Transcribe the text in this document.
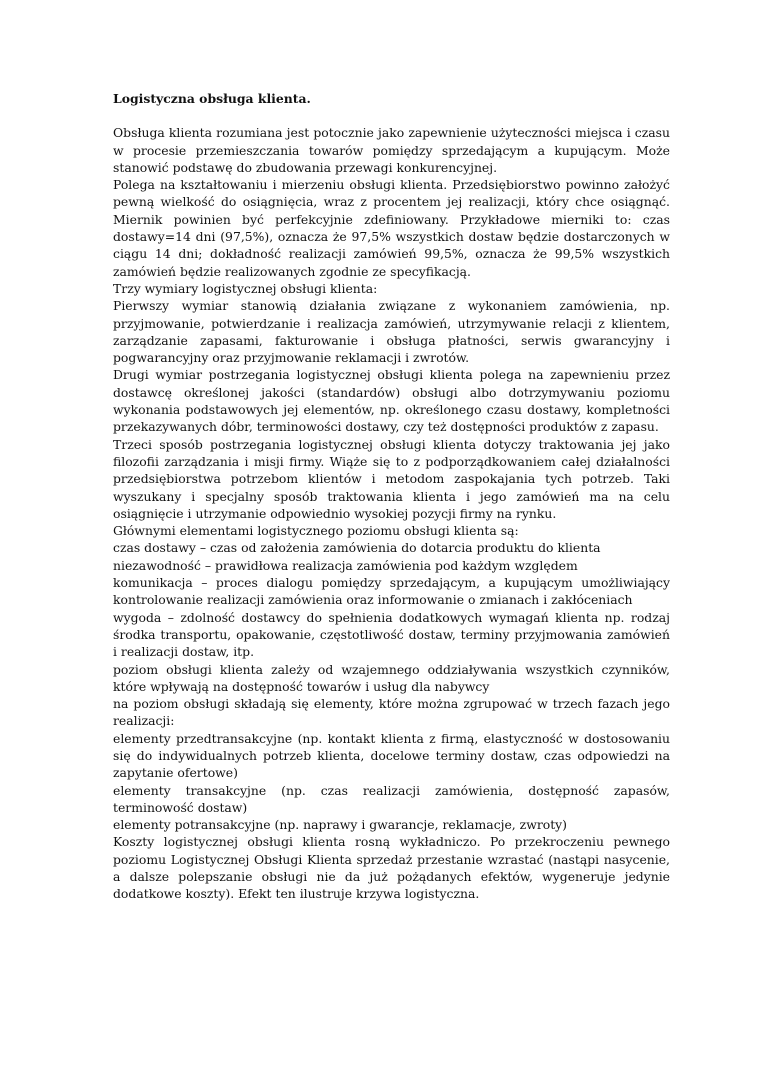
Logistyczna obsługa klienta.

Obsługa klienta rozumiana jest potocznie jako zapewnienie użyteczności miejsca i czasu w procesie przemieszczania towarów pomiędzy sprzedającym a kupującym. Może stanowić podstawę do zbudowania przewagi konkurencyjnej.

Polega na kształtowaniu i mierzeniu obsługi klienta. Przedsiębiorstwo powinno założyć pewną wielkość do osiągnięcia, wraz z procentem jej realizacji, który chce osiągnąć. Miernik powinien być perfekcyjnie zdefiniowany. Przykładowe mierniki to: czas dostawy=14 dni (97,5%), oznacza że 97,5% wszystkich dostaw będzie dostarczonych w ciągu 14 dni; dokładność realizacji zamówień 99,5%, oznacza że 99,5% wszystkich zamówień będzie realizowanych zgodnie ze specyfikacją.

Trzy wymiary logistycznej obsługi klienta:

Pierwszy wymiar stanowią działania związane z wykonaniem zamówienia, np. przyjmowanie, potwierdzanie i realizacja zamówień, utrzymywanie relacji z klientem, zarządzanie zapasami, fakturowanie i obsługa płatności, serwis gwarancyjny i pogwarancyjny oraz przyjmowanie reklamacji i zwrotów.

Drugi wymiar postrzegania logistycznej obsługi klienta polega na zapewnieniu przez dostawcę określonej jakości (standardów) obsługi albo dotrzymywaniu poziomu wykonania podstawowych jej elementów, np. określonego czasu dostawy, kompletności przekazywanych dóbr, terminowości dostawy, czy też dostępności produktów z zapasu.

Trzeci sposób postrzegania logistycznej obsługi klienta dotyczy traktowania jej jako filozofii zarządzania i misji firmy. Wiąże się to z podporządkowaniem całej działalności przedsiębiorstwa potrzebom klientów i metodom zaspokajania tych potrzeb. Taki wyszukany i specjalny sposób traktowania klienta i jego zamówień ma na celu osiągnięcie i utrzymanie odpowiednio wysokiej pozycji firmy na rynku.

Głównymi elementami logistycznego poziomu obsługi klienta są:

czas dostawy – czas od założenia zamówienia do dotarcia produktu do klienta

niezawodność – prawidłowa realizacja zamówienia pod każdym względem

komunikacja – proces dialogu pomiędzy sprzedającym, a kupującym umożliwiający kontrolowanie realizacji zamówienia oraz informowanie o zmianach i zakłóceniach

wygoda – zdolność dostawcy do spełnienia dodatkowych wymagań klienta np. rodzaj środka transportu, opakowanie, częstotliwość dostaw, terminy przyjmowania zamówień i realizacji dostaw, itp.

poziom obsługi klienta zależy od wzajemnego oddziaływania wszystkich czynników, które wpływają na dostępność towarów i usług dla nabywcy

na poziom obsługi składają się elementy, które można zgrupować w trzech fazach jego realizacji:

elementy przedtransakcyjne (np. kontakt klienta z firmą, elastyczność w dostosowaniu się do indywidualnych potrzeb klienta, docelowe terminy dostaw, czas odpowiedzi na zapytanie ofertowe)

elementy transakcyjne (np. czas realizacji zamówienia, dostępność zapasów, terminowość dostaw)

elementy potransakcyjne (np. naprawy i gwarancje, reklamacje, zwroty)

Koszty logistycznej obsługi klienta rosną wykładniczo. Po przekroczeniu pewnego poziomu Logistycznej Obsługi Klienta sprzedaż przestanie wzrastać (nastąpi nasycenie, a dalsze polepszanie obsługi nie da już pożądanych efektów, wygeneruje jedynie dodatkowe koszty). Efekt ten ilustruje krzywa logistyczna.
